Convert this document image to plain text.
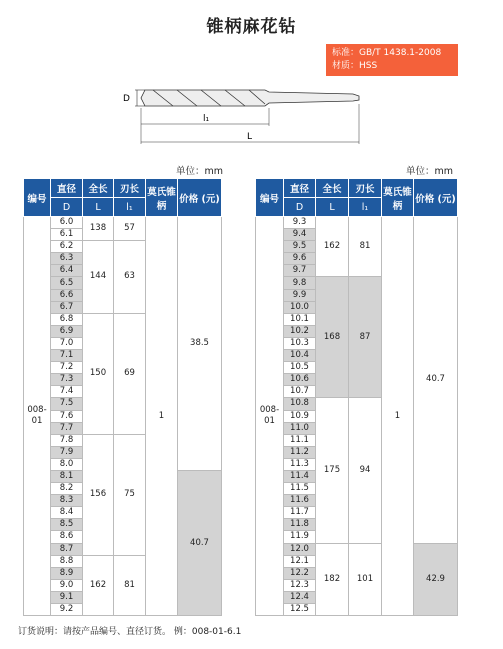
锥柄麻花钻
标准：GB/T 1438.1-2008
材质：HSS
D
l₁
L
单位：mm	单位：mm
编号	直径	全长	刃长	莫氏锥柄	价格 (元)
	D	L	l₁		
008-01	6.0	138	57	1	38.5
	6.1				
	6.2	144	63		
	6.3				
	6.4				
	6.5				
	6.6				
	6.7				
	6.8	150	69		
	6.9				
	7.0				
	7.1				
	7.2				
	7.3				
	7.4				
	7.5				
	7.6				
	7.7				
	7.8	156	75		
	7.9				
	8.0				
	8.1				40.7
	8.2				
	8.3				
	8.4				
	8.5				
	8.6				
	8.7				
	8.8	162	81		
	8.9				
	9.0				
	9.1				
	9.2				
编号	直径	全长	刃长	莫氏锥柄	价格 (元)
	D	L	l₁		
008-01	9.3	162	81	1	40.7
	9.4				
	9.5				
	9.6				
	9.7				
	9.8	168	87		
	9.9				
	10.0				
	10.1				
	10.2				
	10.3				
	10.4				
	10.5				
	10.6				
	10.7				
	10.8	175	94		
	10.9				
	11.0				
	11.1				
	11.2				
	11.3				
	11.4				
	11.5				
	11.6				
	11.7				
	11.8				
	11.9				
	12.0	182	101		42.9
	12.1				
	12.2				
	12.3				
	12.4				
	12.5				
订货说明：请按产品编号、直径订货。 例：008-01-6.1
